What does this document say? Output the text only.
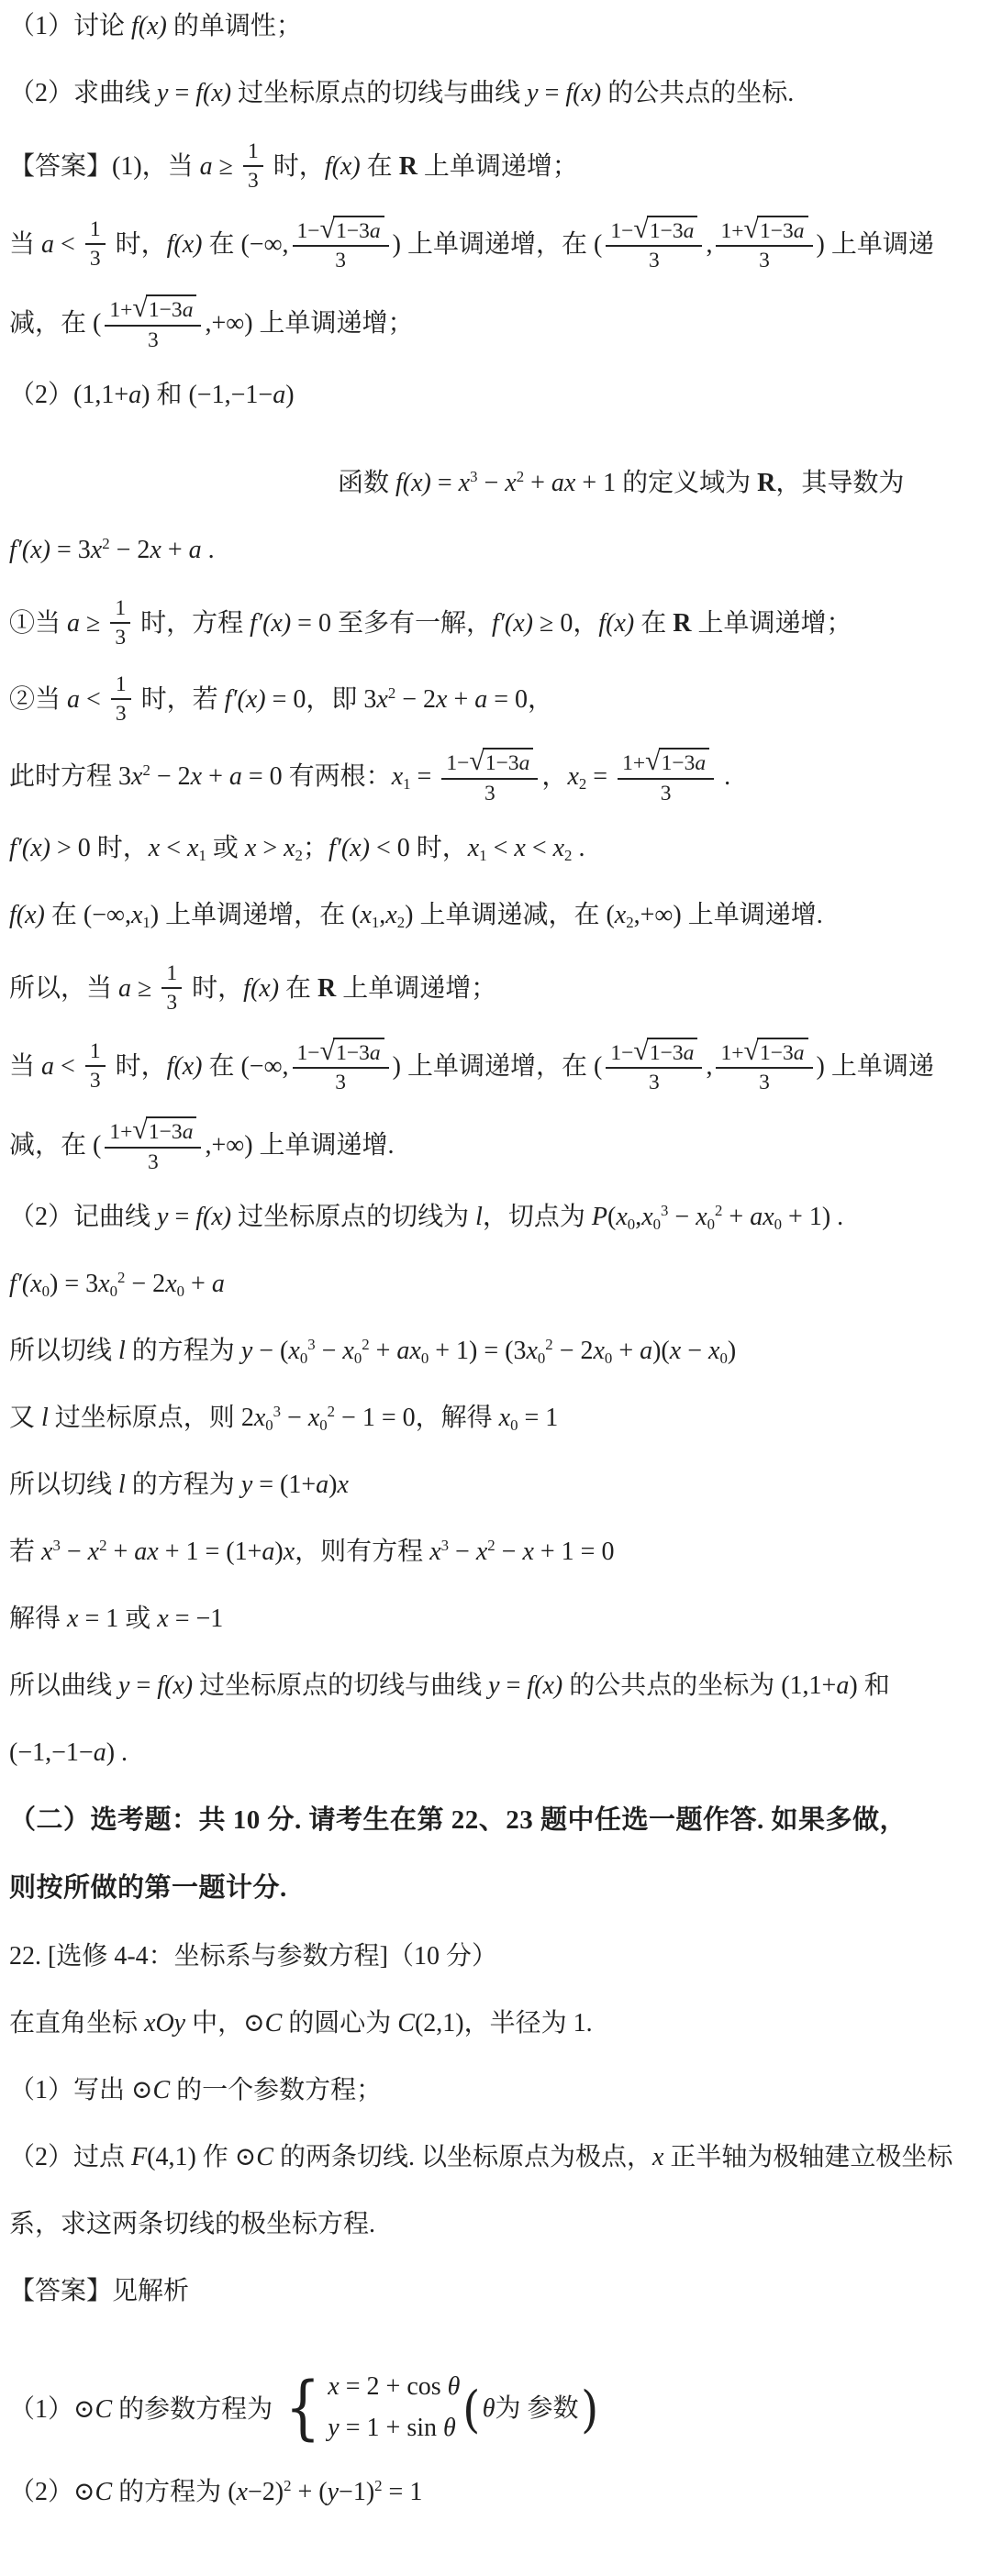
（1）讨论 f(x) 的单调性；
（2）求曲线 y = f(x) 过坐标原点的切线与曲线 y = f(x) 的公共点的坐标.
【答案】(1)，当 $a \ge \frac{1}{3}$ 时，f(x) 在 R 上单调递增；
当 $a < \frac{1}{3}$ 时，f(x) 在 (−∞, $\frac{1- √ 1-3a}{3}$ ) 上单调递增，在 ( $\frac{1- √ 1-3a}{3}$ , $\frac{1+ √ 1-3a}{3}$ ) 上单调递
减，在 ( $\frac{1+ √ 1-3a}{3}$ ,+∞) 上单调递增；
（2）(1,1+a) 和 (−1,−1−a)
函数 $f(x) = x^3 - x^2$ + ax + 1 的定义域为 R，其导数为
$f'(x) = 3x^2 - 2x + a$ .
①当 $a \ge \frac{1}{3}$ 时，方程 f′(x) = 0 至多有一解，f′(x) ≥ 0，f(x) 在 R 上单调递增；
②当 $a < \frac{1}{3}$ 时，若 f′(x) = 0，即 $3x^2 - 2x + a = 0$，
此时方程 $3x^2 - 2x + a = 0$ 有两根：$x1 = \frac{1- √ 1-3a}{3}$ ，$x2 = \frac{1+ √ 1-3a}{3}$ .
f′(x) > 0 时，x < x1 或 x > x2；f′(x) < 0 时，x1 < x < x2 .
f(x) 在 (−∞,x1) 上单调递增，在 (x1,x2) 上单调递减，在 (x2,+∞) 上单调递增.
所以，当 $a \ge \frac{1}{3}$ 时，f(x) 在 R 上单调递增；
当 $a < \frac{1}{3}$ 时，f(x) 在 (−∞, $\frac{1- √ 1-3a}{3}$ ) 上单调递增，在 ( $\frac{1- √ 1-3a}{3}$ , $\frac{1+ √ 1-3a}{3}$ ) 上单调递
减，在 ( $\frac{1+ √ 1-3a}{3}$ ,+∞) 上单调递增.
（2）记曲线 y = f(x) 过坐标原点的切线为 l，切点为 $P(x0,x0^3 - x0^2 + ax0 + 1)$ .
$f'(x0) = 3x0^2 - 2x0 + a$
所以切线 l 的方程为 $y - (x0^3 - x0^2 + ax0 + 1) = (3x0^2 - 2x0 + a)(x - x0)$
又 l 过坐标原点，则 $2x0^3 - x0^2 - 1 = 0$，解得 x0 = 1
所以切线 l 的方程为 y = (1+a)x
若 $x^3 - x^2$ + ax + 1 = (1+a)x，则有方程 $x^3 - x^2 - x + 1 = 0$
解得 x = 1 或 x = −1
所以曲线 y = f(x) 过坐标原点的切线与曲线 y = f(x) 的公共点的坐标为 (1,1+a) 和
(−1,−1−a) .
（二）选考题：共 10 分. 请考生在第 22、23 题中任选一题作答. 如果多做，
则按所做的第一题计分.
22. [选修 4-4：坐标系与参数方程]（10 分）
在直角坐标 xOy 中，⊙C 的圆心为 C(2,1)，半径为 1.
（1）写出 ⊙C 的一个参数方程；
（2）过点 F(4,1) 作 ⊙C 的两条切线. 以坐标原点为极点，x 正半轴为极轴建立极坐标
系，求这两条切线的极坐标方程.
【答案】见解析
（1）⊙C 的参数方程为 { x = 2 + cos θ
y = 1 + sin θ ( θ为 参数 )
（2）⊙C 的方程为 $(x-2)^2 + (y-1)^2 = 1$
